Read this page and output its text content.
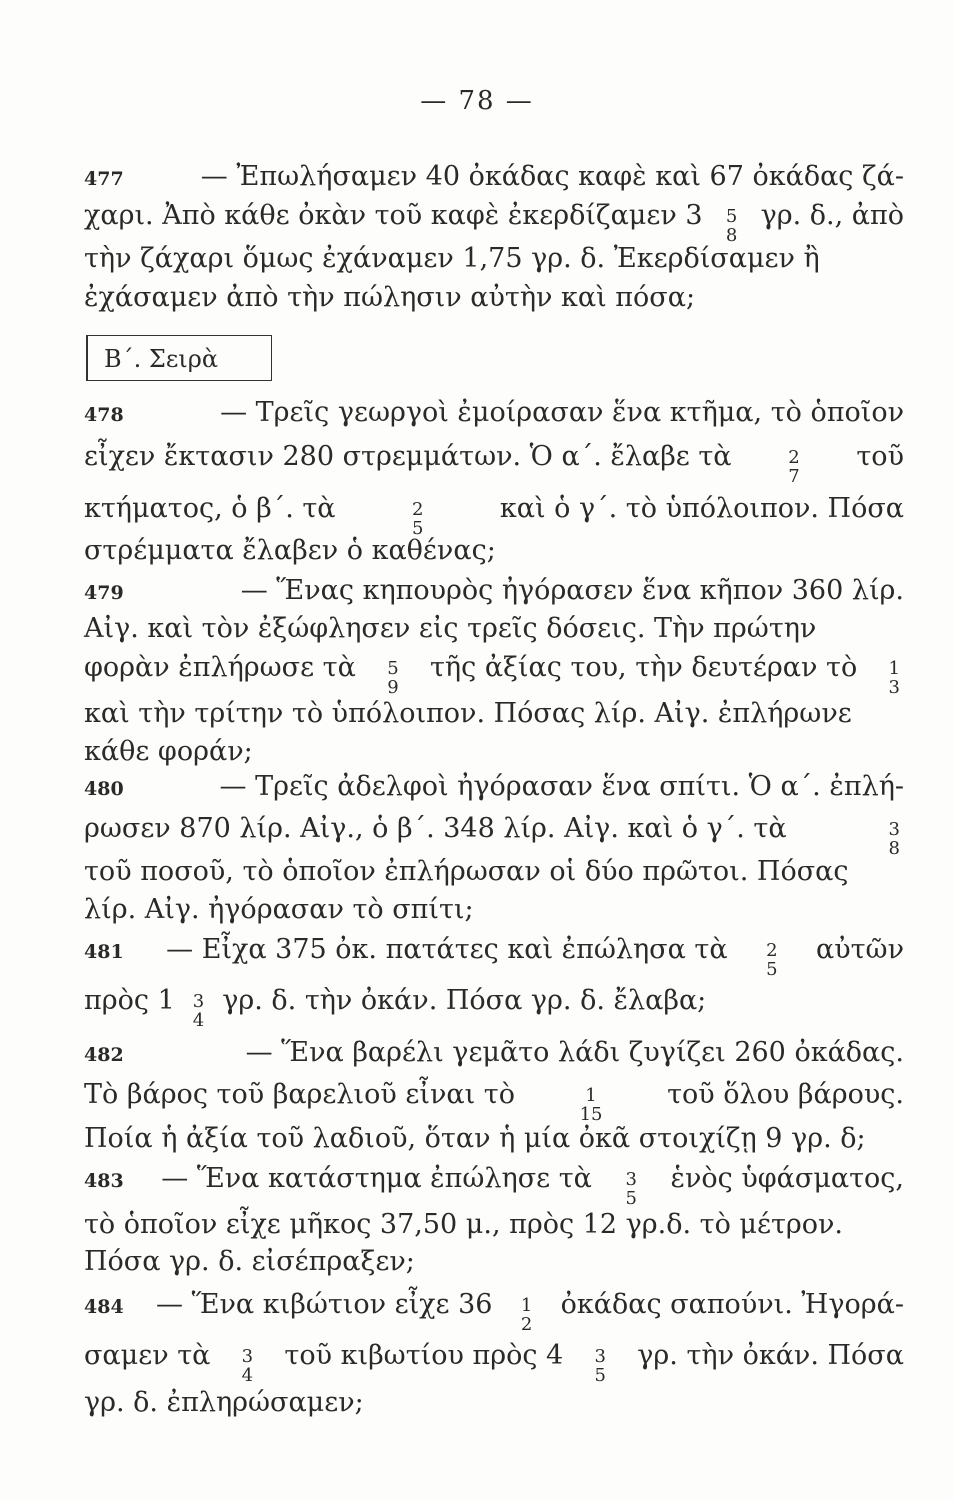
— 78 —
Β΄. Σειρὰ
477	— Ἐπωλήσαμεν 40 ὀκάδας καφὲ καὶ 67 ὀκάδας ζά-
χαρι. Ἀπὸ κάθε ὀκὰν τοῦ καφὲ ἐκερδίζαμεν 3 5
8
γρ. δ., ἀπὸ
τὴν ζάχαρι ὅμως ἐχάναμεν 1,75 γρ. δ. Ἐκερδίσαμεν ἢ
ἐχάσαμεν ἀπὸ τὴν πώλησιν αὐτὴν καὶ πόσα;
478	— Τρεῖς γεωργοὶ ἐμοίρασαν ἕνα κτῆμα, τὸ ὁποῖον
εἶχεν ἔκτασιν 280 στρεμμάτων. Ὁ α΄. ἔλαβε τὰ	2
7
τοῦ
κτήματος, ὁ β΄. τὰ	2
5
καὶ ὁ γ΄. τὸ ὑπόλοιπον. Πόσα
στρέμματα ἔλαβεν ὁ καθένας;
479	— Ἕνας κηπουρὸς ἠγόρασεν ἕνα κῆπον 360 λίρ.
Αἰγ. καὶ τὸν ἐξώφλησεν εἰς τρεῖς δόσεις. Τὴν πρώτην
φορὰν ἐπλήρωσε τὰ 5
9
τῆς ἀξίας του, τὴν δευτέραν τὸ 1
3
καὶ τὴν τρίτην τὸ ὑπόλοιπον. Πόσας λίρ. Αἰγ. ἐπλήρωνε
κάθε φοράν;
480	— Τρεῖς ἀδελφοὶ ἠγόρασαν ἕνα σπίτι. Ὁ α΄. ἐπλή-
ρωσεν 870 λίρ. Αἰγ., ὁ β΄. 348 λίρ. Αἰγ. καὶ ὁ γ΄. τὰ	3
8
τοῦ ποσοῦ, τὸ ὁποῖον ἐπλήρωσαν οἱ δύο πρῶτοι. Πόσας
λίρ. Αἰγ. ἠγόρασαν τὸ σπίτι;
481 — Εἶχα 375 ὀκ. πατάτες καὶ ἐπώλησα τὰ 2
5
αὐτῶν
πρὸς 1 3
4
γρ. δ. τὴν ὀκάν. Πόσα γρ. δ. ἔλαβα;
482	— Ἕνα βαρέλι γεμᾶτο λάδι ζυγίζει 260 ὀκάδας.
Τὸ βάρος τοῦ βαρελιοῦ εἶναι τὸ	1
15
τοῦ ὅλου βάρους.
Ποία ἡ ἀξία τοῦ λαδιοῦ, ὅταν ἡ μία ὀκᾶ στοιχίζῃ 9 γρ. δ;
483 — Ἕνα κατάστημα ἐπώλησε τὰ 3
5
ἑνὸς ὑφάσματος,
τὸ ὁποῖον εἶχε μῆκος 37,50 μ., πρὸς 12 γρ.δ. τὸ μέτρον.
Πόσα γρ. δ. εἰσέπραξεν;
484 — Ἕνα κιβώτιον εἶχε 36 1
2
ὀκάδας σαπούνι. Ἠγορά-
σαμεν τὰ 3
4
τοῦ κιβωτίου πρὸς 4 3
5
γρ. τὴν ὀκάν. Πόσα
γρ. δ. ἐπληρώσαμεν;
